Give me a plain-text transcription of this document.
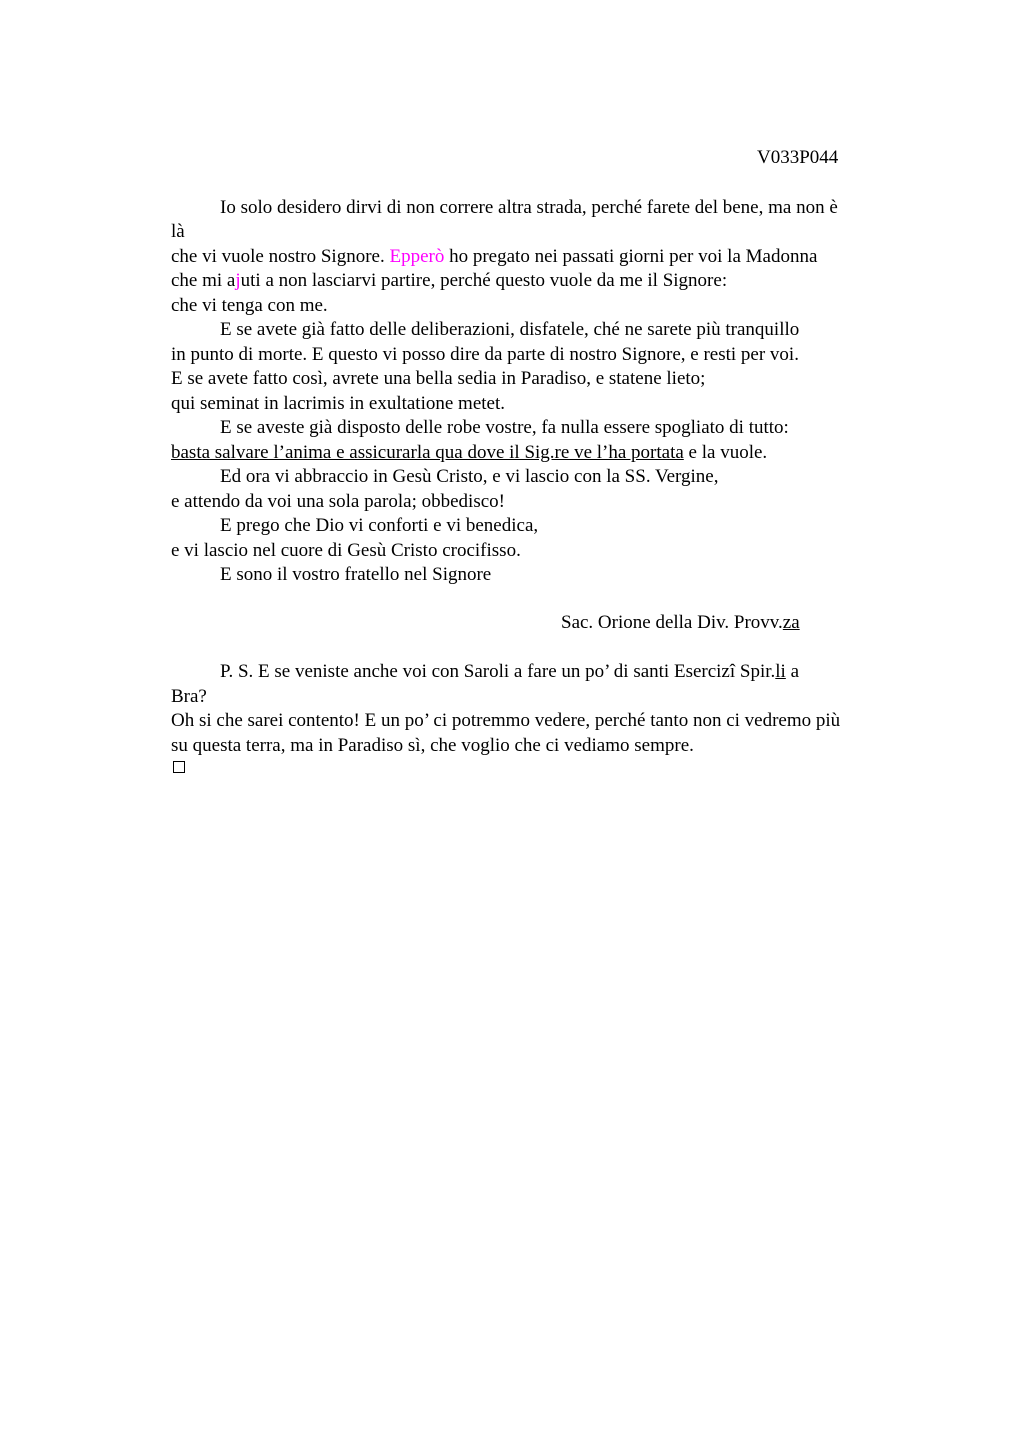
V033P044
Io solo desidero dirvi di non correre altra strada, perché farete del bene, ma non è
là
che vi vuole nostro Signore. Epperò ho pregato nei passati giorni per voi la Madonna
che mi ajuti a non lasciarvi partire, perché questo vuole da me il Signore:
che vi tenga con me.
E se avete già fatto delle deliberazioni, disfatele, ché ne sarete più tranquillo
in punto di morte. E questo vi posso dire da parte di nostro Signore, e resti per voi.
E se avete fatto così, avrete una bella sedia in Paradiso, e statene lieto;
qui seminat in lacrimis in exultatione metet.
E se aveste già disposto delle robe vostre, fa nulla essere spogliato di tutto:
basta salvare l’anima e assicurarla qua dove il Sig.re ve l’ha portata e la vuole.
Ed ora vi abbraccio in Gesù Cristo, e vi lascio con la SS. Vergine,
e attendo da voi una sola parola; obbedisco!
E prego che Dio vi conforti e vi benedica,
e vi lascio nel cuore di Gesù Cristo crocifisso.
E sono il vostro fratello nel Signore
Sac. Orione della Div. Provv.za
P. S. E se veniste anche voi con Saroli a fare un po’ di santi Esercizi Spir.li a
Bra?
Oh si che sarei contento! E un po’ ci potremmo vedere, perché tanto non ci vedremo più
su questa terra, ma in Paradiso sì, che voglio che ci vediamo sempre.
